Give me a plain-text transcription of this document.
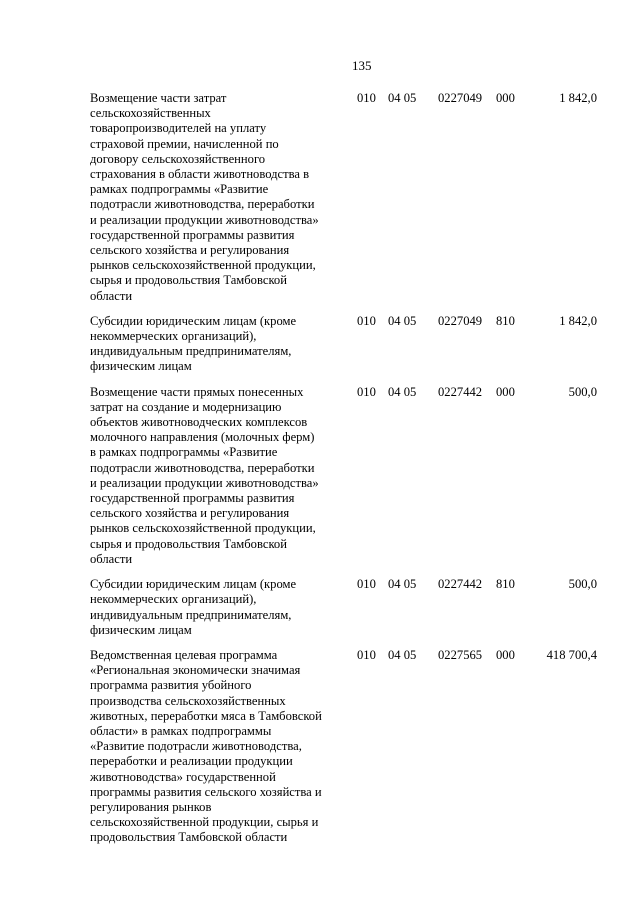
135
Возмещение части затрат
сельскохозяйственных
товаропроизводителей на уплату
страховой премии, начисленной по
договору сельскохозяйственного
страхования в области животноводства в
рамках подпрограммы «Развитие
подотрасли животноводства, переработки
и реализации продукции животноводства»
государственной программы развития
сельского хозяйства и регулирования
рынков сельскохозяйственной продукции,
сырья и продовольствия Тамбовской
области
010 04 05 0227049 000	1 842,0
Субсидии юридическим лицам (кроме
некоммерческих организаций),
индивидуальным предпринимателям,
физическим лицам
010 04 05 0227049 810	1 842,0
Возмещение части прямых понесенных
затрат на создание и модернизацию
объектов животноводческих комплексов
молочного направления (молочных ферм)
в рамках подпрограммы «Развитие
подотрасли животноводства, переработки
и реализации продукции животноводства»
государственной программы развития
сельского хозяйства и регулирования
рынков сельскохозяйственной продукции,
сырья и продовольствия Тамбовской
области
010 04 05 0227442 000	500,0
Субсидии юридическим лицам (кроме
некоммерческих организаций),
индивидуальным предпринимателям,
физическим лицам
010 04 05 0227442 810	500,0
Ведомственная целевая программа
«Региональная экономически значимая
программа развития убойного
производства сельскохозяйственных
животных, переработки мяса в Тамбовской
области» в рамках подпрограммы
«Развитие подотрасли животноводства,
переработки и реализации продукции
животноводства» государственной
программы развития сельского хозяйства и
регулирования рынков
сельскохозяйственной продукции, сырья и
продовольствия Тамбовской области
010 04 05 0227565 000	418 700,4
